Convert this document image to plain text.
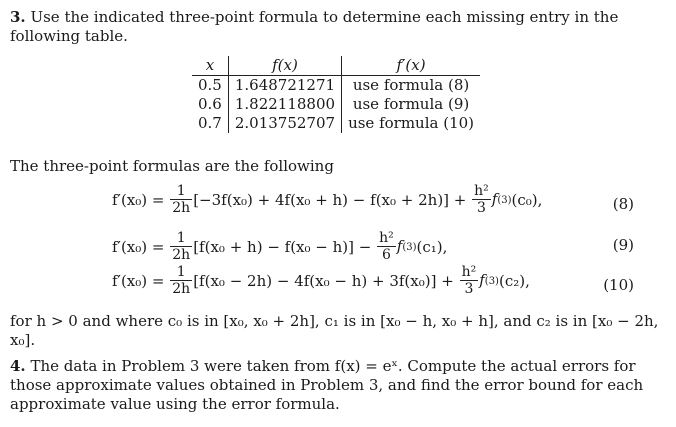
3. Use the indicated three-point formula to determine each missing entry in the following table.
x	f(x)	f′(x)
0.5	1.648721271	use formula (8)
0.6	1.822118800	use formula (9)
0.7	2.013752707	use formula (10)
The three-point formulas are the following
$f'(x_0) = \frac{1}{2h} [-3f(x_0) + 4f(x_0 + h) - f(x_0 + 2h)] + \frac{\text{h²}}{3} f(3)(c_0)$,	(8)
$f'(x_0) = \frac{1}{2h} [f(x_0 + h) - f(x_0 - h)] - \frac{\text{h²}}{6} f(3)(c_1)$,	(9)
$f'(x_0) = \frac{1}{2h} [f(x_0 - 2h) - 4f(x_0 - h) + 3f(x_0)] + \frac{\text{h²}}{3} f(3)(c_2)$,	(10)
for h > 0 and where c₀ is in [x₀, x₀ + 2h], c₁ is in [x₀ − h, x₀ + h], and c₂ is in [x₀ − 2h, x₀].
4. The data in Problem 3 were taken from f(x) = eˣ. Compute the actual errors for those approximate values obtained in Problem 3, and find the error bound for each approximate value using the error formula.
